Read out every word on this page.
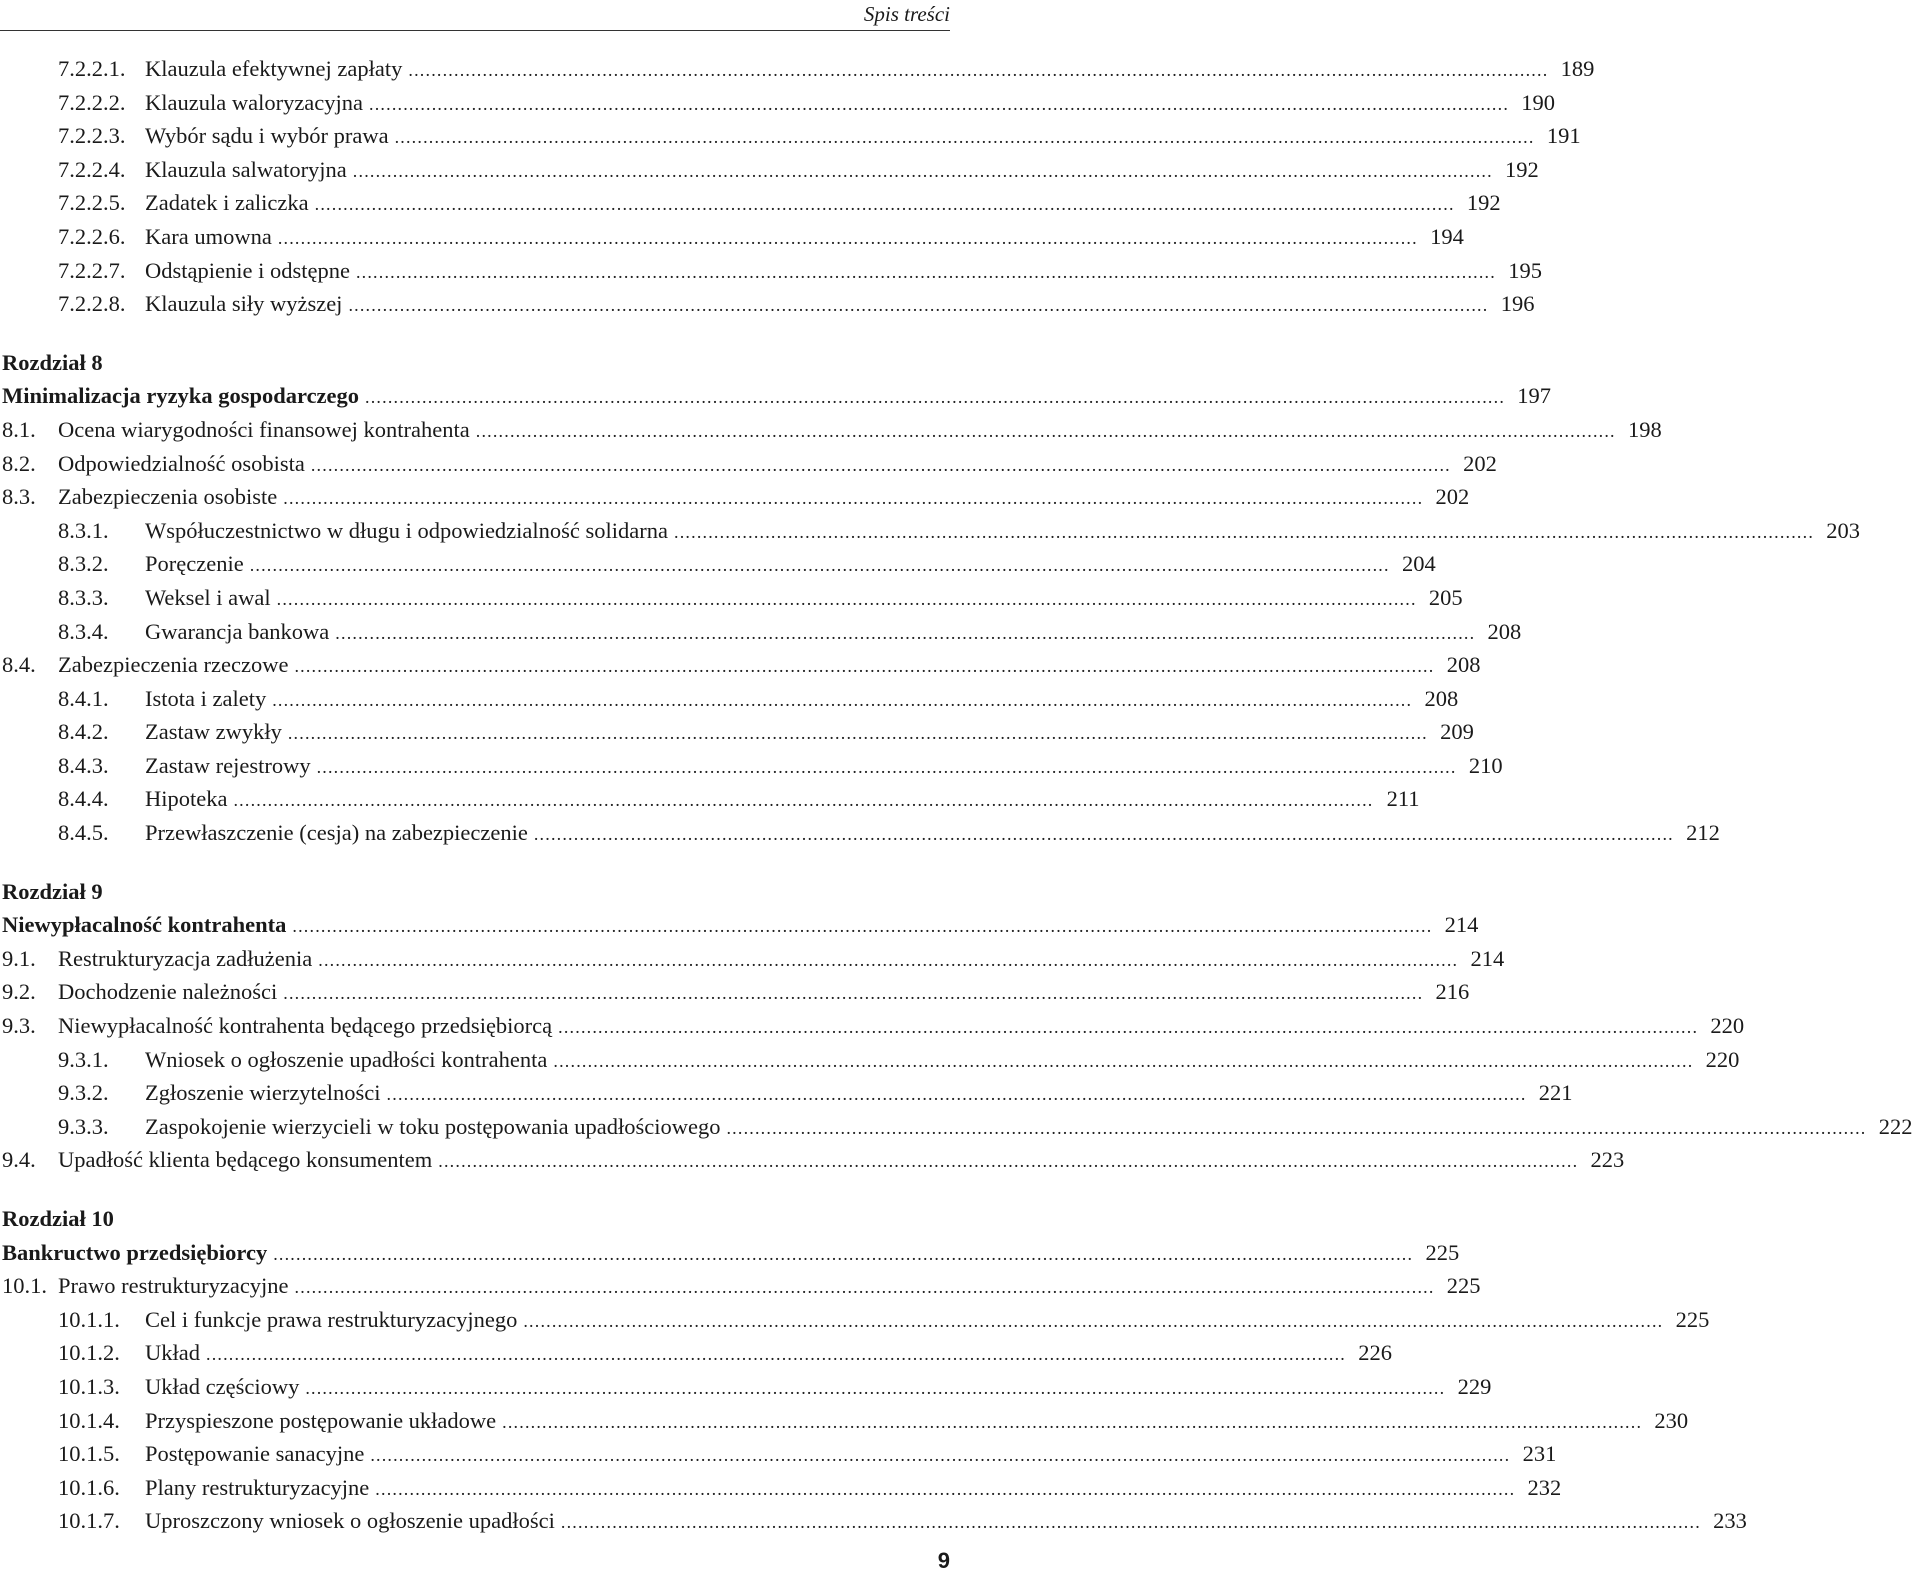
Spis treści
7.2.2.1. Klauzula efektywnej zapłaty ........................................................................................................................................................................................................ 189
7.2.2.2. Klauzula waloryzacyjna ........................................................................................................................................................................................................ 190
7.2.2.3. Wybór sądu i wybór prawa ........................................................................................................................................................................................................ 191
7.2.2.4. Klauzula salwatoryjna ........................................................................................................................................................................................................ 192
7.2.2.5. Zadatek i zaliczka ........................................................................................................................................................................................................ 192
7.2.2.6. Kara umowna ........................................................................................................................................................................................................ 194
7.2.2.7. Odstąpienie i odstępne ........................................................................................................................................................................................................ 195
7.2.2.8. Klauzula siły wyższej ........................................................................................................................................................................................................ 196
Rozdział 8
Minimalizacja ryzyka gospodarczego ........................................................................................................................................................................................................ 197
8.1. Ocena wiarygodności finansowej kontrahenta ........................................................................................................................................................................................................ 198
8.2. Odpowiedzialność osobista ........................................................................................................................................................................................................ 202
8.3. Zabezpieczenia osobiste ........................................................................................................................................................................................................ 202
8.3.1. Współuczestnictwo w długu i odpowiedzialność solidarna ........................................................................................................................................................................................................ 203
8.3.2. Poręczenie ........................................................................................................................................................................................................ 204
8.3.3. Weksel i awal ........................................................................................................................................................................................................ 205
8.3.4. Gwarancja bankowa ........................................................................................................................................................................................................ 208
8.4. Zabezpieczenia rzeczowe ........................................................................................................................................................................................................ 208
8.4.1. Istota i zalety ........................................................................................................................................................................................................ 208
8.4.2. Zastaw zwykły ........................................................................................................................................................................................................ 209
8.4.3. Zastaw rejestrowy ........................................................................................................................................................................................................ 210
8.4.4. Hipoteka ........................................................................................................................................................................................................ 211
8.4.5. Przewłaszczenie (cesja) na zabezpieczenie ........................................................................................................................................................................................................ 212
Rozdział 9
Niewypłacalność kontrahenta ........................................................................................................................................................................................................ 214
9.1. Restrukturyzacja zadłużenia ........................................................................................................................................................................................................ 214
9.2. Dochodzenie należności ........................................................................................................................................................................................................ 216
9.3. Niewypłacalność kontrahenta będącego przedsiębiorcą ........................................................................................................................................................................................................ 220
9.3.1. Wniosek o ogłoszenie upadłości kontrahenta ........................................................................................................................................................................................................ 220
9.3.2. Zgłoszenie wierzytelności ........................................................................................................................................................................................................ 221
9.3.3. Zaspokojenie wierzycieli w toku postępowania upadłościowego ........................................................................................................................................................................................................ 222
9.4. Upadłość klienta będącego konsumentem ........................................................................................................................................................................................................ 223
Rozdział 10
Bankructwo przedsiębiorcy ........................................................................................................................................................................................................ 225
10.1. Prawo restrukturyzacyjne ........................................................................................................................................................................................................ 225
10.1.1. Cel i funkcje prawa restrukturyzacyjnego ........................................................................................................................................................................................................ 225
10.1.2. Układ ........................................................................................................................................................................................................ 226
10.1.3. Układ częściowy ........................................................................................................................................................................................................ 229
10.1.4. Przyspieszone postępowanie układowe ........................................................................................................................................................................................................ 230
10.1.5. Postępowanie sanacyjne ........................................................................................................................................................................................................ 231
10.1.6. Plany restrukturyzacyjne ........................................................................................................................................................................................................ 232
10.1.7. Uproszczony wniosek o ogłoszenie upadłości ........................................................................................................................................................................................................ 233
9
